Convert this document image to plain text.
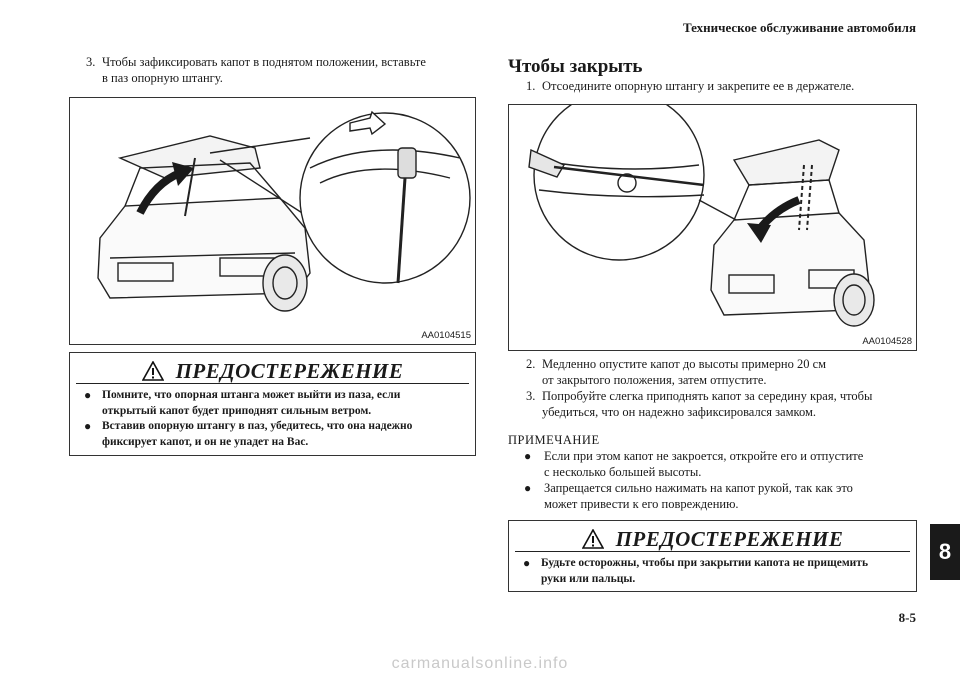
Техническое обслуживание автомобиля
3. Чтобы зафиксировать капот в поднятом положении, вставьте
в паз опорную штангу.
AA0104515
ПРЕДОСТЕРЕЖЕНИЕ
● Помните, что опорная штанга может выйти из паза, если
открытый капот будет приподнят сильным ветром.
● Вставив опорную штангу в паз, убедитесь, что она надежно
фиксирует капот, и он не упадет на Вас.
Чтобы закрыть
1. Отсоедините опорную штангу и закрепите ее в держателе.
AA0104528
2. Медленно опустите капот до высоты примерно 20 см
от закрытого положения, затем отпустите.
3. Попробуйте слегка приподнять капот за середину края, чтобы
убедиться, что он надежно зафиксировался замком.
ПРИМЕЧАНИЕ
●	Если при этом капот не закроется, откройте его и отпустите
с несколько большей высоты.
●	Запрещается сильно нажимать на капот рукой, так как это
может привести к его повреждению.
ПРЕДОСТЕРЕЖЕНИЕ
● Будьте осторожны, чтобы при закрытии капота не прищемить
руки или пальцы.
8
8-5
carmanualsonline.info
